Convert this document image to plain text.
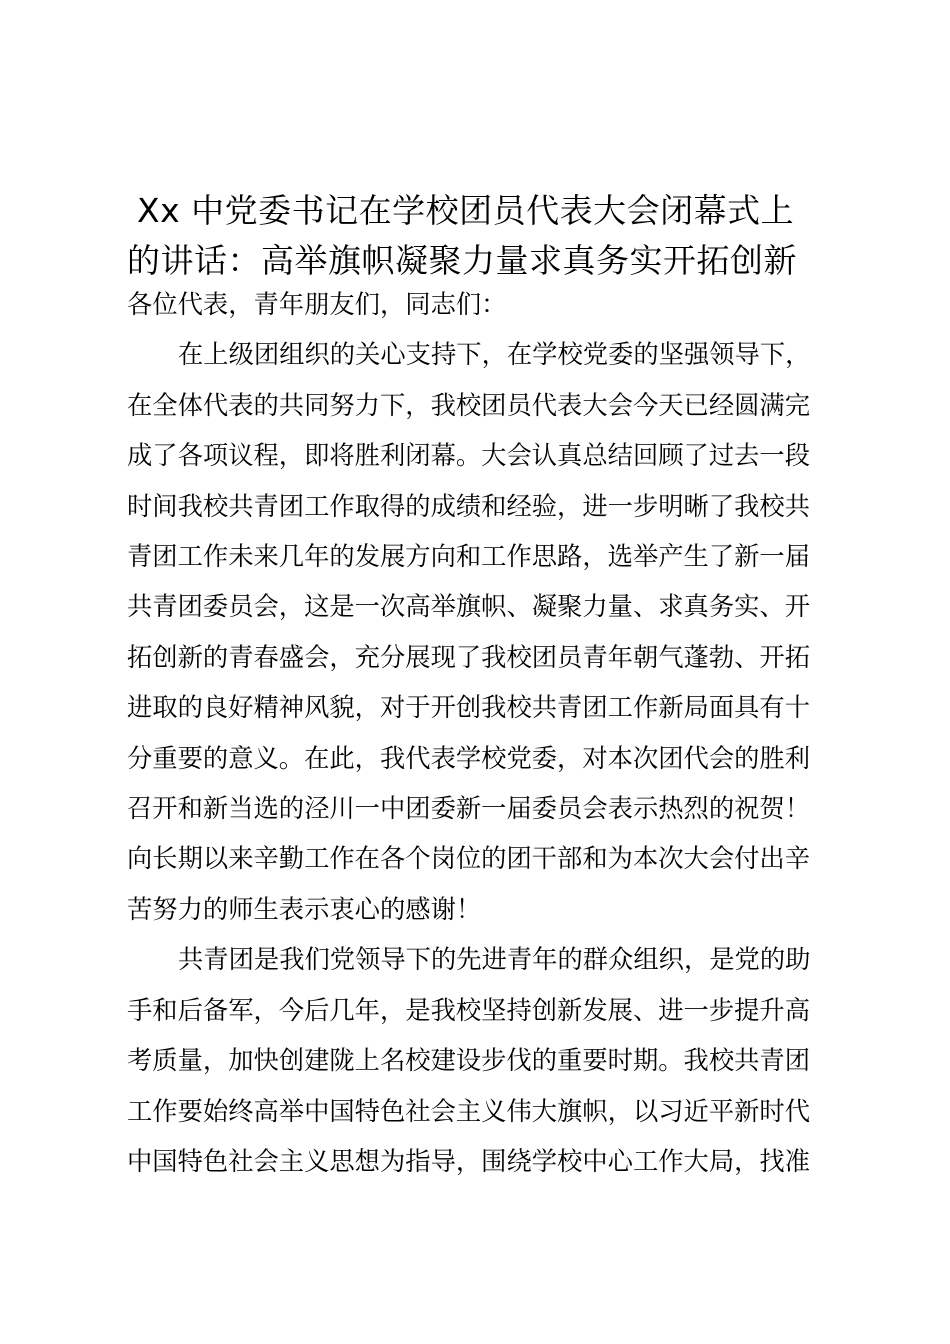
Xx 中党委书记在学校团员代表大会闭幕式上
的讲话：高举旗帜凝聚力量求真务实开拓创新

各位代表，青年朋友们，同志们：

在上级团组织的关心支持下，在学校党委的坚强领导下，
在全体代表的共同努力下，我校团员代表大会今天已经圆满完
成了各项议程，即将胜利闭幕。大会认真总结回顾了过去一段
时间我校共青团工作取得的成绩和经验，进一步明晰了我校共
青团工作未来几年的发展方向和工作思路，选举产生了新一届
共青团委员会，这是一次高举旗帜、凝聚力量、求真务实、开
拓创新的青春盛会，充分展现了我校团员青年朝气蓬勃、开拓
进取的良好精神风貌，对于开创我校共青团工作新局面具有十
分重要的意义。在此，我代表学校党委，对本次团代会的胜利
召开和新当选的泾川一中团委新一届委员会表示热烈的祝贺！
向长期以来辛勤工作在各个岗位的团干部和为本次大会付出辛
苦努力的师生表示衷心的感谢！

共青团是我们党领导下的先进青年的群众组织，是党的助
手和后备军，今后几年，是我校坚持创新发展、进一步提升高
考质量，加快创建陇上名校建设步伐的重要时期。我校共青团
工作要始终高举中国特色社会主义伟大旗帜，以习近平新时代
中国特色社会主义思想为指导，围绕学校中心工作大局，找准
